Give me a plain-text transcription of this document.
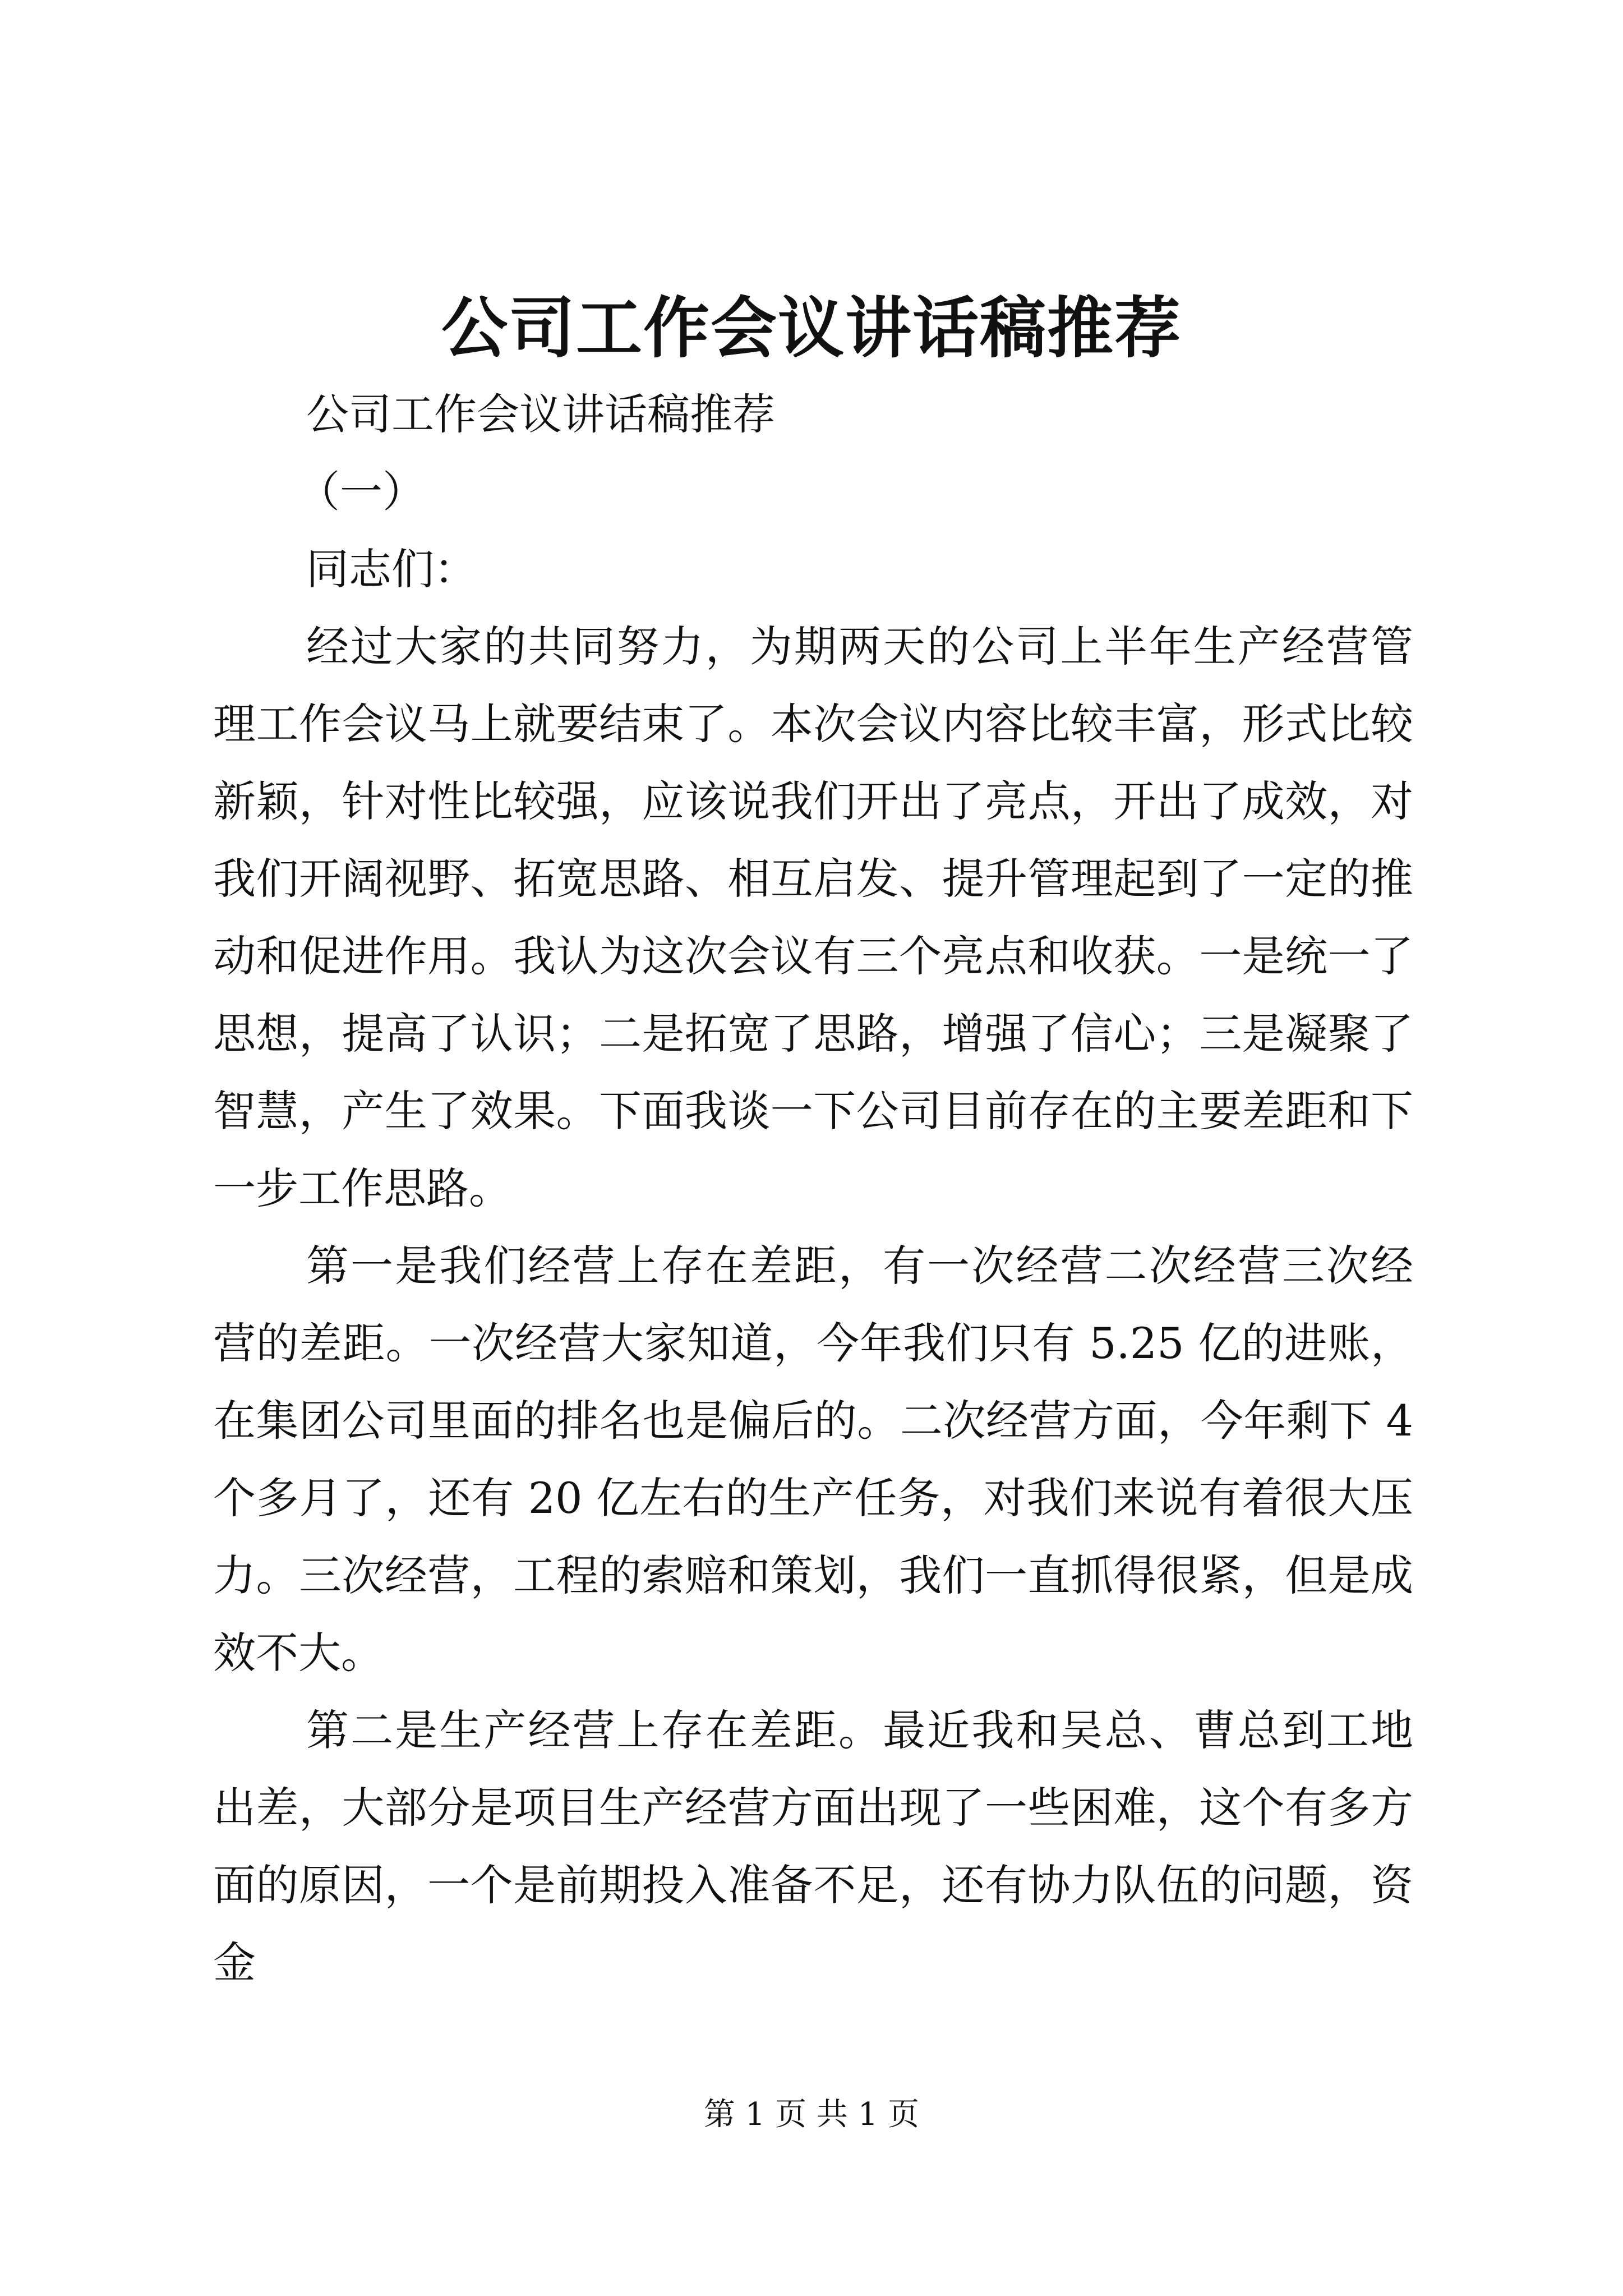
公司工作会议讲话稿推荐

公司工作会议讲话稿推荐

（一）

同志们：

经过大家的共同努力，为期两天的公司上半年生产经营管理工作会议马上就要结束了。本次会议内容比较丰富，形式比较新颖，针对性比较强，应该说我们开出了亮点，开出了成效，对我们开阔视野、拓宽思路、相互启发、提升管理起到了一定的推动和促进作用。我认为这次会议有三个亮点和收获。一是统一了思想，提高了认识；二是拓宽了思路，增强了信心；三是凝聚了智慧，产生了效果。下面我谈一下公司目前存在的主要差距和下一步工作思路。

第一是我们经营上存在差距，有一次经营二次经营三次经营的差距。一次经营大家知道，今年我们只有 5.25 亿的进账，在集团公司里面的排名也是偏后的。二次经营方面，今年剩下 4 个多月了，还有 20 亿左右的生产任务，对我们来说有着很大压力。三次经营，工程的索赔和策划，我们一直抓得很紧，但是成效不大。

第二是生产经营上存在差距。最近我和吴总、曹总到工地出差，大部分是项目生产经营方面出现了一些困难，这个有多方面的原因，一个是前期投入准备不足，还有协力队伍的问题，资金

第 1 页 共 1 页
